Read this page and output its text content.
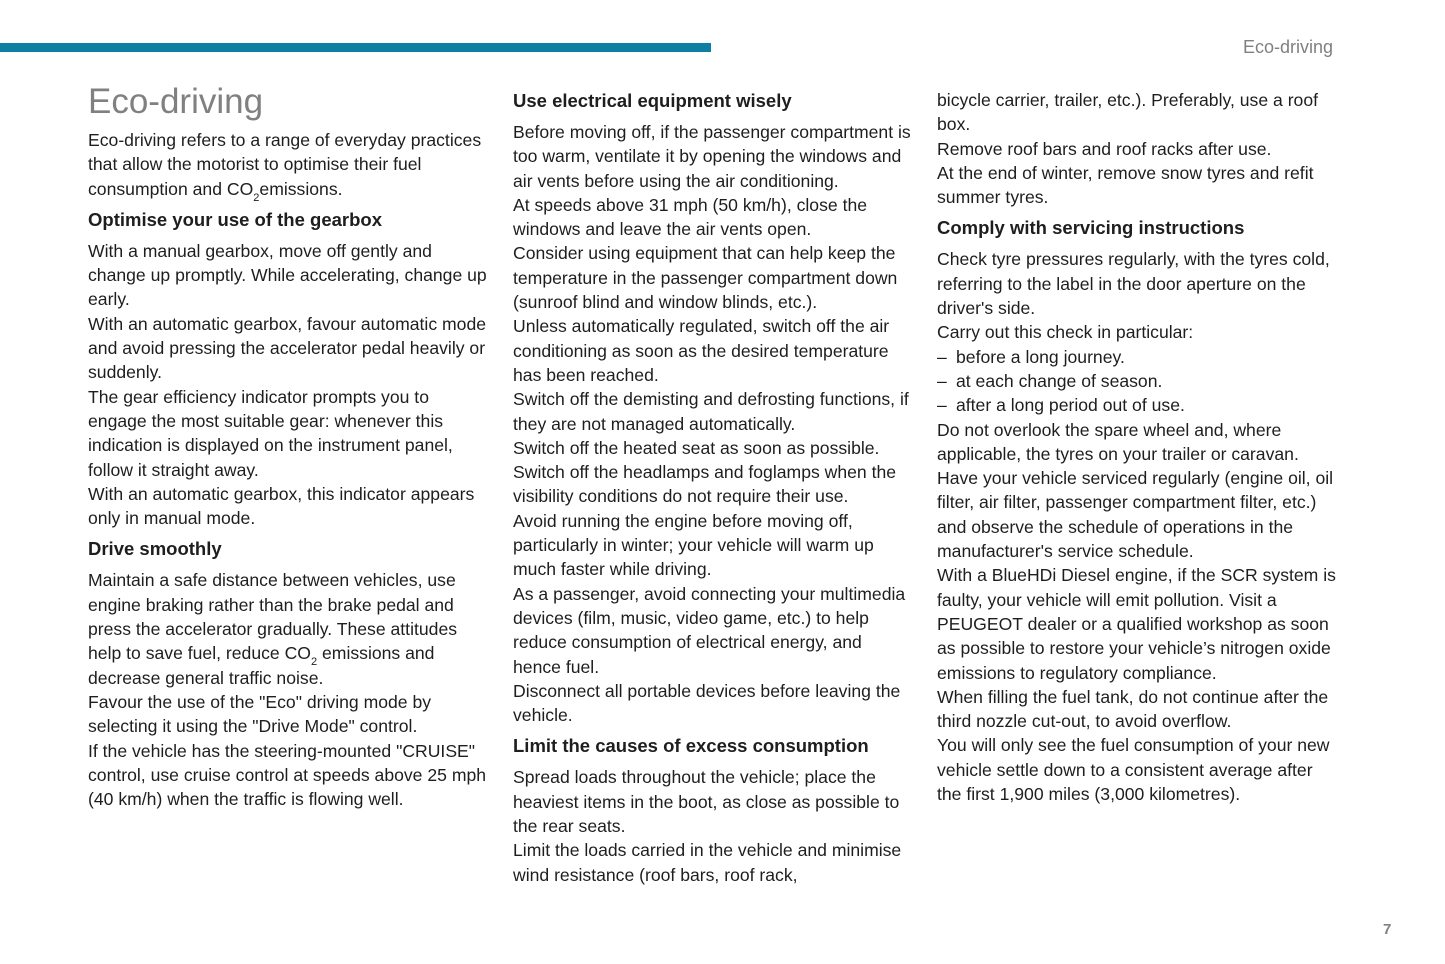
Eco-driving
Eco-driving

Eco-driving refers to a range of everyday practices that allow the motorist to optimise their fuel consumption and $CO_2emissions$.

Optimise your use of the gearbox

With a manual gearbox, move off gently and change up promptly. While accelerating, change up early.

With an automatic gearbox, favour automatic mode and avoid pressing the accelerator pedal heavily or suddenly.

The gear efficiency indicator prompts you to engage the most suitable gear: whenever this indication is displayed on the instrument panel, follow it straight away.

With an automatic gearbox, this indicator appears only in manual mode.

Drive smoothly

Maintain a safe distance between vehicles, use engine braking rather than the brake pedal and press the accelerator gradually. These attitudes help to save fuel, reduce $CO_2$ emissions and decrease general traffic noise.

Favour the use of the "Eco" driving mode by selecting it using the "Drive Mode" control.

If the vehicle has the steering-mounted "CRUISE" control, use cruise control at speeds above 25 mph (40 km/h) when the traffic is flowing well.

Use electrical equipment wisely

Before moving off, if the passenger compartment is too warm, ventilate it by opening the windows and air vents before using the air conditioning.

At speeds above 31 mph (50 km/h), close the windows and leave the air vents open.

Consider using equipment that can help keep the temperature in the passenger compartment down (sunroof blind and window blinds, etc.).

Unless automatically regulated, switch off the air conditioning as soon as the desired temperature has been reached.

Switch off the demisting and defrosting functions, if they are not managed automatically.

Switch off the heated seat as soon as possible.

Switch off the headlamps and foglamps when the visibility conditions do not require their use.

Avoid running the engine before moving off, particularly in winter; your vehicle will warm up much faster while driving.

As a passenger, avoid connecting your multimedia devices (film, music, video game, etc.) to help reduce consumption of electrical energy, and hence fuel.

Disconnect all portable devices before leaving the vehicle.

Limit the causes of excess consumption

Spread loads throughout the vehicle; place the heaviest items in the boot, as close as possible to the rear seats.

Limit the loads carried in the vehicle and minimise wind resistance (roof bars, roof rack,

bicycle carrier, trailer, etc.). Preferably, use a roof box.

Remove roof bars and roof racks after use.

At the end of winter, remove snow tyres and refit summer tyres.

Comply with servicing instructions

Check tyre pressures regularly, with the tyres cold, referring to the label in the door aperture on the driver's side.

Carry out this check in particular:

– before a long journey.
– at each change of season.
– after a long period out of use.

Do not overlook the spare wheel and, where applicable, the tyres on your trailer or caravan.

Have your vehicle serviced regularly (engine oil, oil filter, air filter, passenger compartment filter, etc.) and observe the schedule of operations in the manufacturer's service schedule.

With a BlueHDi Diesel engine, if the SCR system is faulty, your vehicle will emit pollution. Visit a PEUGEOT dealer or a qualified workshop as soon as possible to restore your vehicle’s nitrogen oxide emissions to regulatory compliance.

When filling the fuel tank, do not continue after the third nozzle cut-out, to avoid overflow.

You will only see the fuel consumption of your new vehicle settle down to a consistent average after the first 1,900 miles (3,000 kilometres).

7
